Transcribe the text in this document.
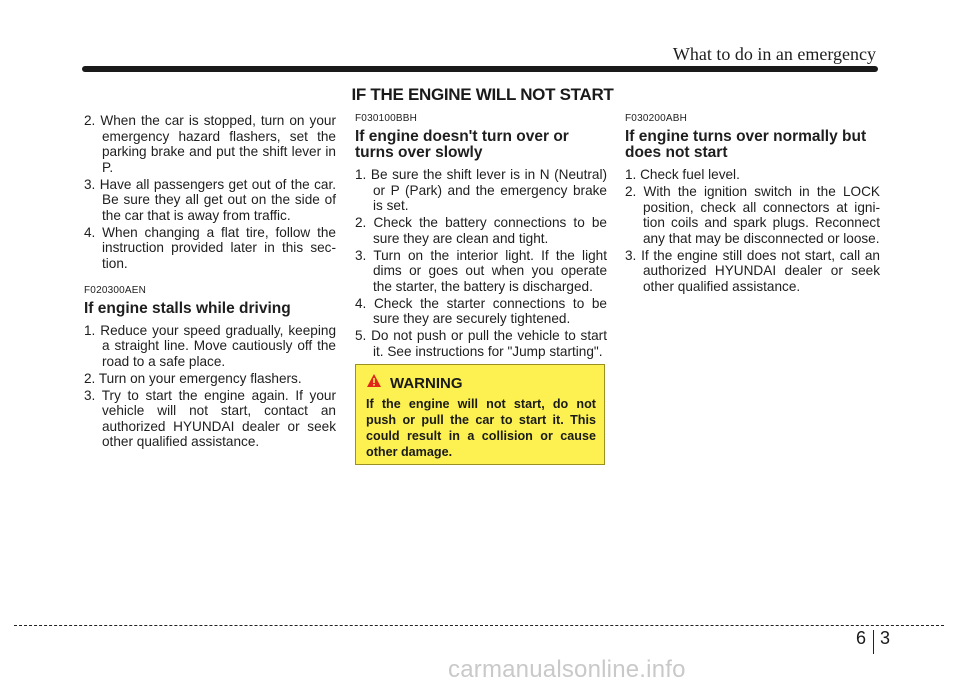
What to do in an emergency
IF THE ENGINE WILL NOT START
2. When the car is stopped, turn on your emergency hazard flashers, set the parking brake and put the shift lever in P.
3. Have all passengers get out of the car. Be sure they all get out on the side of the car that is away from traffic.
4. When changing a flat tire, follow the instruction provided later in this sec-tion.

F020300AEN

If engine stalls while driving
1. Reduce your speed gradually, keeping a straight line. Move cautiously off the road to a safe place.
2. Turn on your emergency flashers.
3. Try to start the engine again. If your vehicle will not start, contact an authorized HYUNDAI dealer or seek other qualified assistance.

F030100BBH

If engine doesn't turn over or turns over slowly
1. Be sure the shift lever is in N (Neutral) or P (Park) and the emergency brake is set.
2. Check the battery connections to be sure they are clean and tight.
3. Turn on the interior light. If the light dims or goes out when you operate the starter, the battery is discharged.
4. Check the starter connections to be sure they are securely tightened.
5. Do not push or pull the vehicle to start it. See instructions for "Jump starting".
WARNING
If the engine will not start, do not push or pull the car to start it. This could result in a collision or cause other damage.

F030200ABH

If engine turns over normally but does not start
1. Check fuel level.
2. With the ignition switch in the LOCK position, check all connectors at igni-tion coils and spark plugs. Reconnect any that may be disconnected or loose.
3. If the engine still does not start, call an authorized HYUNDAI dealer or seek other qualified assistance.
6 3
carmanualsonline.info
